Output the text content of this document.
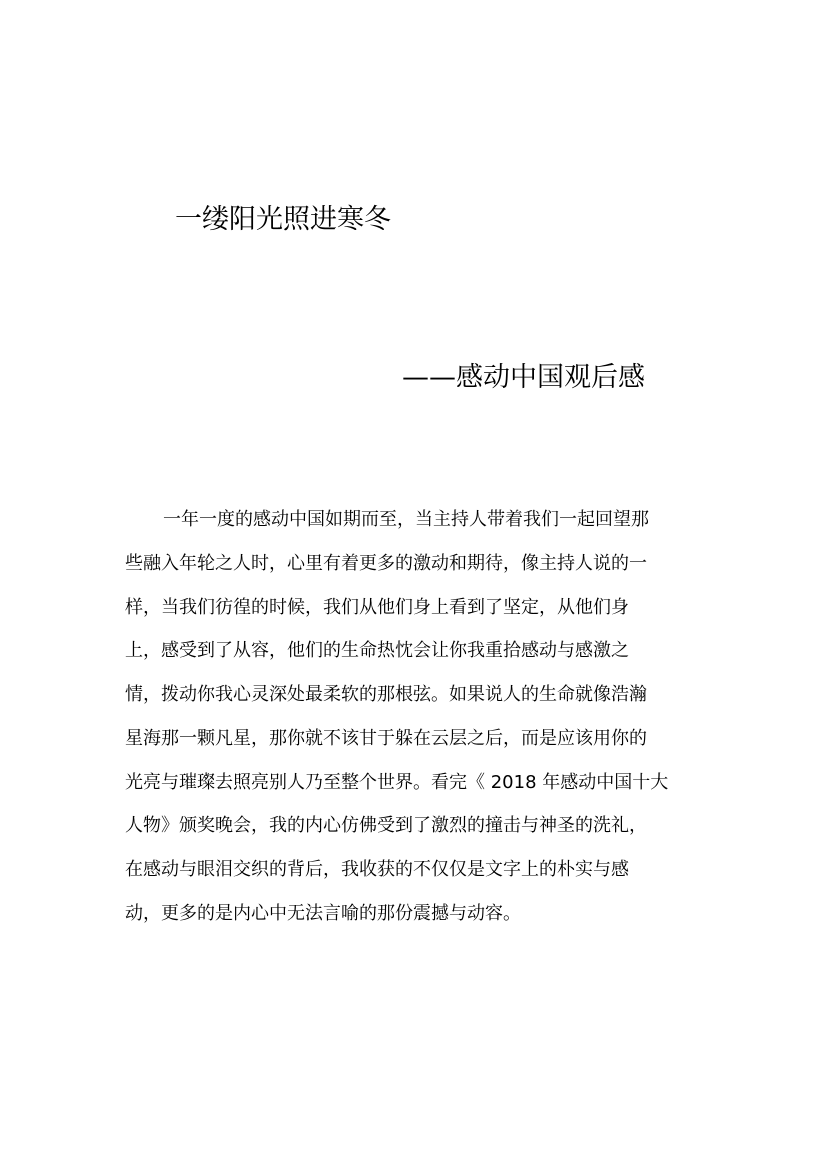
一缕阳光照进寒冬
——感动中国观后感
一年一度的感动中国如期而至，当主持人带着我们一起回望那
些融入年轮之人时，心里有着更多的激动和期待，像主持人说的一
样，当我们彷徨的时候，我们从他们身上看到了坚定，从他们身
上，感受到了从容，他们的生命热忱会让你我重拾感动与感激之
情，拨动你我心灵深处最柔软的那根弦。如果说人的生命就像浩瀚
星海那一颗凡星，那你就不该甘于躲在云层之后，而是应该用你的
光亮与璀璨去照亮别人乃至整个世界。看完《 2018 年感动中国十大
人物》颁奖晚会，我的内心仿佛受到了激烈的撞击与神圣的洗礼，
在感动与眼泪交织的背后，我收获的不仅仅是文字上的朴实与感
动，更多的是内心中无法言喻的那份震撼与动容。
